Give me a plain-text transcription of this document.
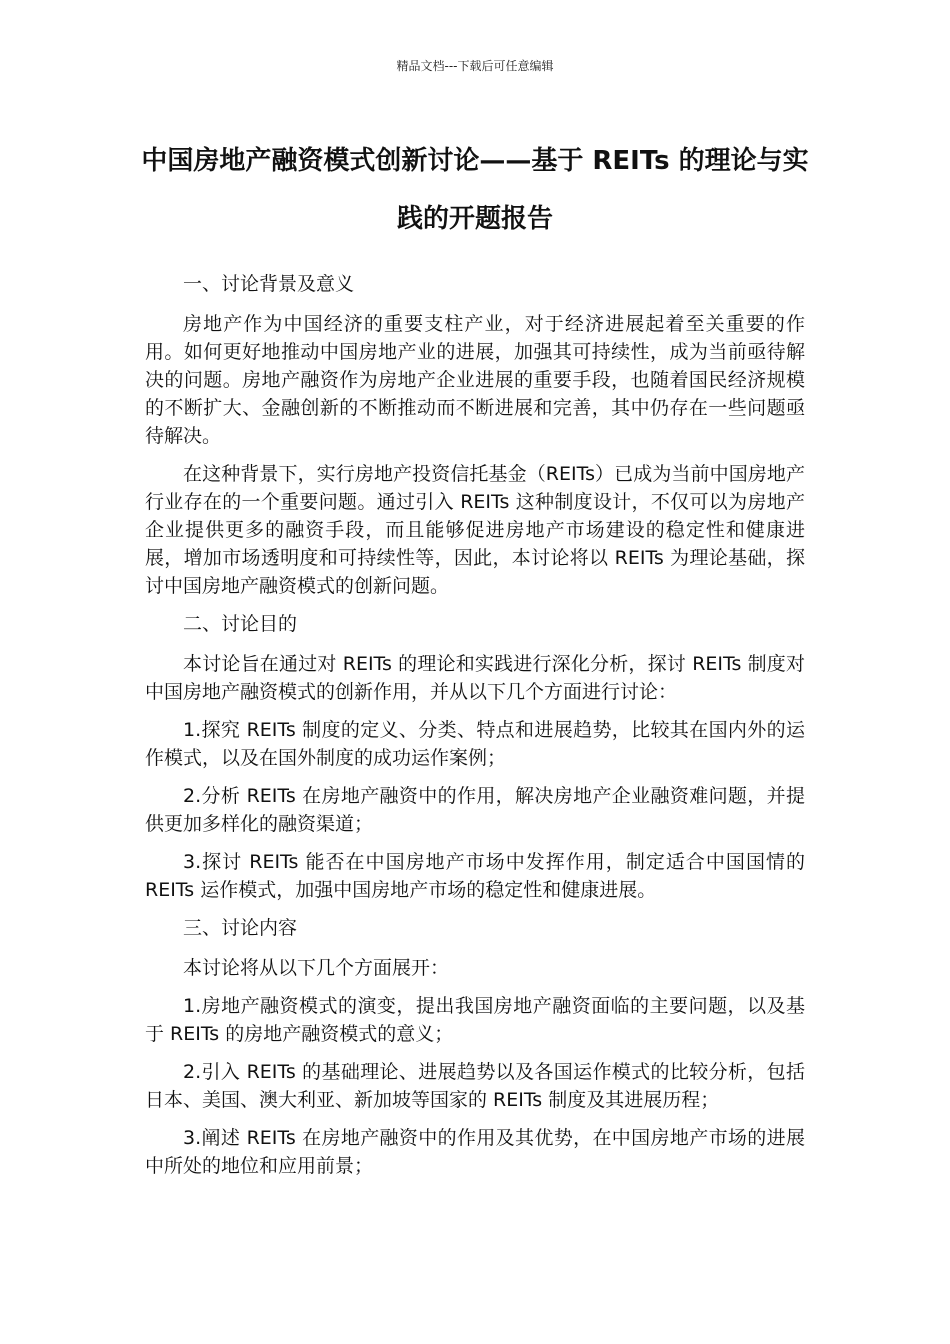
精品文档---下载后可任意编辑
中国房地产融资模式创新讨论——基于 REITs 的理论与实践的开题报告

一、讨论背景及意义

房地产作为中国经济的重要支柱产业，对于经济进展起着至关重要的作用。如何更好地推动中国房地产业的进展，加强其可持续性，成为当前亟待解决的问题。房地产融资作为房地产企业进展的重要手段，也随着国民经济规模的不断扩大、金融创新的不断推动而不断进展和完善，其中仍存在一些问题亟待解决。

在这种背景下，实行房地产投资信托基金（REITs）已成为当前中国房地产行业存在的一个重要问题。通过引入 REITs 这种制度设计，不仅可以为房地产企业提供更多的融资手段，而且能够促进房地产市场建设的稳定性和健康进展，增加市场透明度和可持续性等，因此，本讨论将以 REITs 为理论基础，探讨中国房地产融资模式的创新问题。

二、讨论目的

本讨论旨在通过对 REITs 的理论和实践进行深化分析，探讨 REITs 制度对中国房地产融资模式的创新作用，并从以下几个方面进行讨论：

1.探究 REITs 制度的定义、分类、特点和进展趋势，比较其在国内外的运作模式，以及在国外制度的成功运作案例；

2.分析 REITs 在房地产融资中的作用，解决房地产企业融资难问题，并提供更加多样化的融资渠道；

3.探讨 REITs 能否在中国房地产市场中发挥作用，制定适合中国国情的 REITs 运作模式，加强中国房地产市场的稳定性和健康进展。

三、讨论内容

本讨论将从以下几个方面展开：

1.房地产融资模式的演变，提出我国房地产融资面临的主要问题，以及基于 REITs 的房地产融资模式的意义；

2.引入 REITs 的基础理论、进展趋势以及各国运作模式的比较分析，包括日本、美国、澳大利亚、新加坡等国家的 REITs 制度及其进展历程；

3.阐述 REITs 在房地产融资中的作用及其优势，在中国房地产市场的进展中所处的地位和应用前景；
